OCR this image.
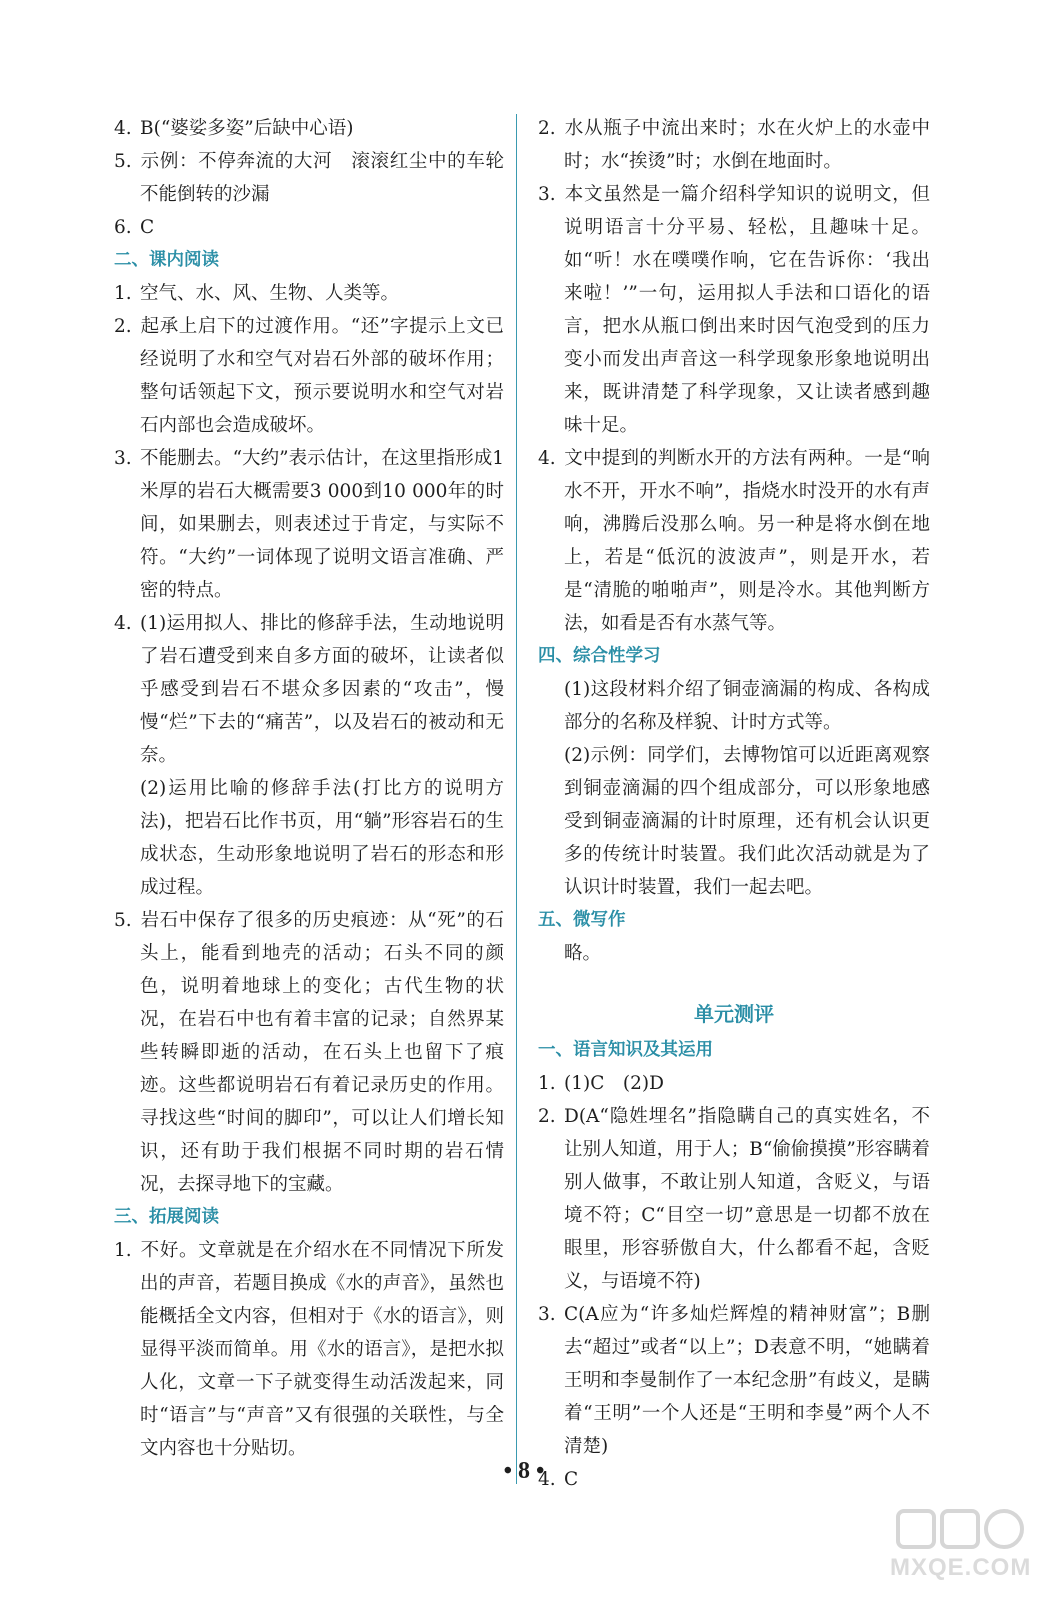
4. B(“婆娑多姿”后缺中心语)

5. 示例：不停奔流的大河　滚滚红尘中的车轮不能倒转的沙漏

6. C

二、课内阅读

1. 空气、水、风、生物、人类等。

2. 起承上启下的过渡作用。“还”字提示上文已经说明了水和空气对岩石外部的破坏作用；整句话领起下文，预示要说明水和空气对岩石内部也会造成破坏。

3. 不能删去。“大约”表示估计，在这里指形成1米厚的岩石大概需要3 000到10 000年的时间，如果删去，则表述过于肯定，与实际不符。“大约”一词体现了说明文语言准确、严密的特点。

4. (1)运用拟人、排比的修辞手法，生动地说明了岩石遭受到来自多方面的破坏，让读者似乎感受到岩石不堪众多因素的“攻击”，慢慢“烂”下去的“痛苦”，以及岩石的被动和无奈。

(2)运用比喻的修辞手法(打比方的说明方法)，把岩石比作书页，用“躺”形容岩石的生成状态，生动形象地说明了岩石的形态和形成过程。

5. 岩石中保存了很多的历史痕迹：从“死”的石头上，能看到地壳的活动；石头不同的颜色，说明着地球上的变化；古代生物的状况，在岩石中也有着丰富的记录；自然界某些转瞬即逝的活动，在石头上也留下了痕迹。这些都说明岩石有着记录历史的作用。寻找这些“时间的脚印”，可以让人们增长知识，还有助于我们根据不同时期的岩石情况，去探寻地下的宝藏。

三、拓展阅读

1. 不好。文章就是在介绍水在不同情况下所发出的声音，若题目换成《水的声音》，虽然也能概括全文内容，但相对于《水的语言》，则显得平淡而简单。用《水的语言》，是把水拟人化，文章一下子就变得生动活泼起来，同时“语言”与“声音”又有很强的关联性，与全文内容也十分贴切。

2. 水从瓶子中流出来时；水在火炉上的水壶中时；水“挨烫”时；水倒在地面时。

3. 本文虽然是一篇介绍科学知识的说明文，但说明语言十分平易、轻松，且趣味十足。如“听！水在噗噗作响，它在告诉你：‘我出来啦！’”一句，运用拟人手法和口语化的语言，把水从瓶口倒出来时因气泡受到的压力变小而发出声音这一科学现象形象地说明出来，既讲清楚了科学现象，又让读者感到趣味十足。

4. 文中提到的判断水开的方法有两种。一是“响水不开，开水不响”，指烧水时没开的水有声响，沸腾后没那么响。另一种是将水倒在地上，若是“低沉的波波声”，则是开水，若是“清脆的啪啪声”，则是冷水。其他判断方法，如看是否有水蒸气等。

四、综合性学习

(1)这段材料介绍了铜壶滴漏的构成、各构成部分的名称及样貌、计时方式等。

(2)示例：同学们，去博物馆可以近距离观察到铜壶滴漏的四个组成部分，可以形象地感受到铜壶滴漏的计时原理，还有机会认识更多的传统计时装置。我们此次活动就是为了认识计时装置，我们一起去吧。

五、微写作

略。

单元测评

一、语言知识及其运用

1. (1)C　(2)D

2. D(A“隐姓埋名”指隐瞒自己的真实姓名，不让别人知道，用于人；B“偷偷摸摸”形容瞒着别人做事，不敢让别人知道，含贬义，与语境不符；C“目空一切”意思是一切都不放在眼里，形容骄傲自大，什么都看不起，含贬义，与语境不符)

3. C(A应为“许多灿烂辉煌的精神财富”；B删去“超过”或者“以上”；D表意不明，“她瞒着王明和李曼制作了一本纪念册”有歧义，是瞒着“王明”一个人还是“王明和李曼”两个人不清楚)

4. C

• 8 •
MXQE.COM
